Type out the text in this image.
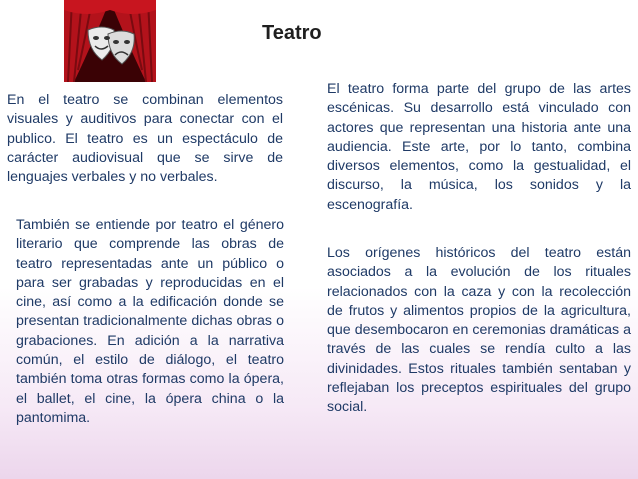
Teatro

En el teatro se combinan elementos visuales y auditivos para conectar con el publico. El teatro es un espectáculo de carácter audiovisual que se sirve de lenguajes verbales y no verbales.

También se entiende por teatro el género literario que comprende las obras de teatro representadas ante un público o para ser grabadas y reproducidas en el cine, así como a la edificación donde se presentan tradicionalmente dichas obras o grabaciones. En adición a la narrativa común, el estilo de diálogo, el teatro también toma otras formas como la ópera, el ballet, el cine, la ópera china o la pantomima.

El teatro forma parte del grupo de las artes escénicas. Su desarrollo está vinculado con actores que representan una historia ante una audiencia. Este arte, por lo tanto, combina diversos elementos, como la gestualidad, el discurso, la música, los sonidos y la escenografía.

Los orígenes históricos del teatro están asociados a la evolución de los rituales relacionados con la caza y con la recolección de frutos y alimentos propios de la agricultura, que desembocaron en ceremonias dramáticas a través de las cuales se rendía culto a las divinidades. Estos rituales también sentaban y reflejaban los preceptos espirituales del grupo social.
